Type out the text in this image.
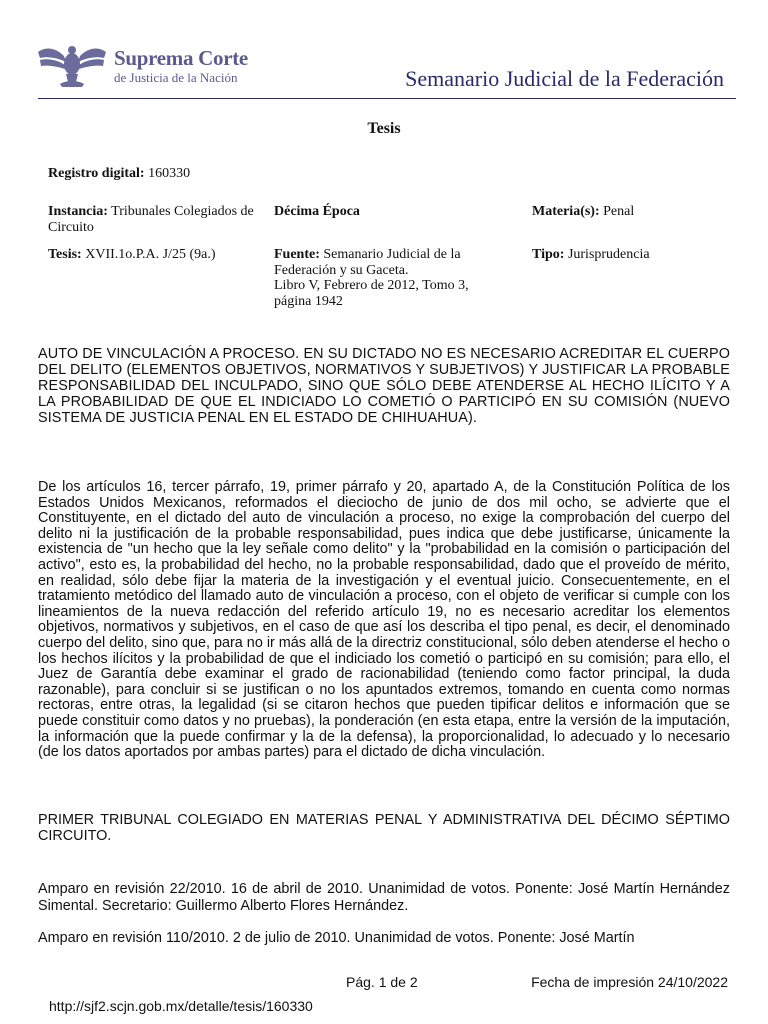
Suprema Corte
de Justicia de la Nación	Semanario Judicial de la Federación
Tesis
Registro digital: 160330
Instancia: Tribunales Colegiados de Circuito
Décima Época	Materia(s): Penal
Tesis: XVII.1o.P.A. J/25 (9a.)	Fuente: Semanario Judicial de la Federación y su Gaceta.
Libro V, Febrero de 2012, Tomo 3, página 1942
Tipo: Jurisprudencia
AUTO DE VINCULACIÓN A PROCESO. EN SU DICTADO NO ES NECESARIO ACREDITAR EL CUERPO DEL DELITO (ELEMENTOS OBJETIVOS, NORMATIVOS Y SUBJETIVOS) Y JUSTIFICAR LA PROBABLE RESPONSABILIDAD DEL INCULPADO, SINO QUE SÓLO DEBE ATENDERSE AL HECHO ILÍCITO Y A LA PROBABILIDAD DE QUE EL INDICIADO LO COMETIÓ O PARTICIPÓ EN SU COMISIÓN (NUEVO SISTEMA DE JUSTICIA PENAL EN EL ESTADO DE CHIHUAHUA).
De los artículos 16, tercer párrafo, 19, primer párrafo y 20, apartado A, de la Constitución Política de los Estados Unidos Mexicanos, reformados el dieciocho de junio de dos mil ocho, se advierte que el Constituyente, en el dictado del auto de vinculación a proceso, no exige la comprobación del cuerpo del delito ni la justificación de la probable responsabilidad, pues indica que debe justificarse, únicamente la existencia de "un hecho que la ley señale como delito" y la "probabilidad en la comisión o participación del activo", esto es, la probabilidad del hecho, no la probable responsabilidad, dado que el proveído de mérito, en realidad, sólo debe fijar la materia de la investigación y el eventual juicio. Consecuentemente, en el tratamiento metódico del llamado auto de vinculación a proceso, con el objeto de verificar si cumple con los lineamientos de la nueva redacción del referido artículo 19, no es necesario acreditar los elementos objetivos, normativos y subjetivos, en el caso de que así los describa el tipo penal, es decir, el denominado cuerpo del delito, sino que, para no ir más allá de la directriz constitucional, sólo deben atenderse el hecho o los hechos ilícitos y la probabilidad de que el indiciado los cometió o participó en su comisión; para ello, el Juez de Garantía debe examinar el grado de racionabilidad (teniendo como factor principal, la duda razonable), para concluir si se justifican o no los apuntados extremos, tomando en cuenta como normas rectoras, entre otras, la legalidad (si se citaron hechos que pueden tipificar delitos e información que se puede constituir como datos y no pruebas), la ponderación (en esta etapa, entre la versión de la imputación, la información que la puede confirmar y la de la defensa), la proporcionalidad, lo adecuado y lo necesario (de los datos aportados por ambas partes) para el dictado de dicha vinculación.
PRIMER TRIBUNAL COLEGIADO EN MATERIAS PENAL Y ADMINISTRATIVA DEL DÉCIMO SÉPTIMO CIRCUITO.
Amparo en revisión 22/2010. 16 de abril de 2010. Unanimidad de votos. Ponente: José Martín Hernández Simental. Secretario: Guillermo Alberto Flores Hernández.
Amparo en revisión 110/2010. 2 de julio de 2010. Unanimidad de votos. Ponente: José Martín
Pág. 1 de 2	Fecha de impresión 24/10/2022
http://sjf2.scjn.gob.mx/detalle/tesis/160330
